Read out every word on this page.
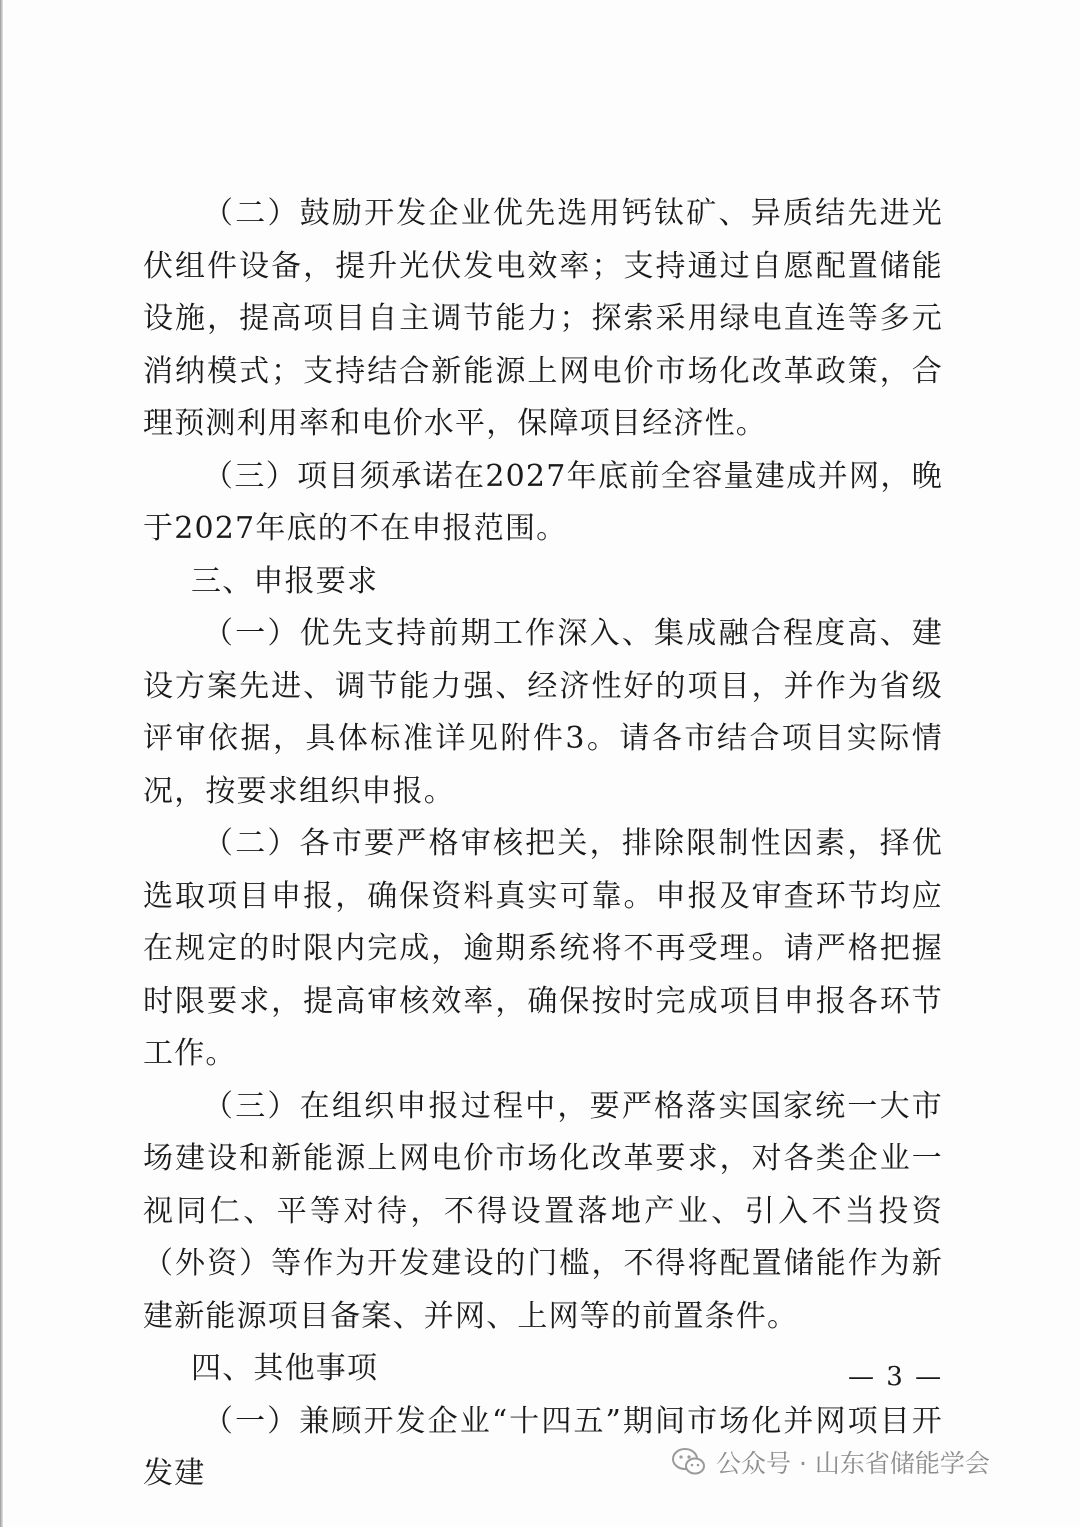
（二）鼓励开发企业优先选用钙钛矿、异质结先进光伏组件设备，提升光伏发电效率；支持通过自愿配置储能设施，提高项目自主调节能力；探索采用绿电直连等多元消纳模式；支持结合新能源上网电价市场化改革政策，合理预测利用率和电价水平，保障项目经济性。

（三）项目须承诺在2027年底前全容量建成并网，晚于2027年底的不在申报范围。

三、申报要求

（一）优先支持前期工作深入、集成融合程度高、建设方案先进、调节能力强、经济性好的项目，并作为省级评审依据，具体标准详见附件3。请各市结合项目实际情况，按要求组织申报。

（二）各市要严格审核把关，排除限制性因素，择优选取项目申报，确保资料真实可靠。申报及审查环节均应在规定的时限内完成，逾期系统将不再受理。请严格把握时限要求，提高审核效率，确保按时完成项目申报各环节工作。

（三）在组织申报过程中，要严格落实国家统一大市场建设和新能源上网电价市场化改革要求，对各类企业一视同仁、平等对待，不得设置落地产业、引入不当投资（外资）等作为开发建设的门槛，不得将配置储能作为新建新能源项目备案、并网、上网等的前置条件。

四、其他事项

（一）兼顾开发企业“十四五”期间市场化并网项目开发建

— 3 —
公众号 · 山东省储能学会
